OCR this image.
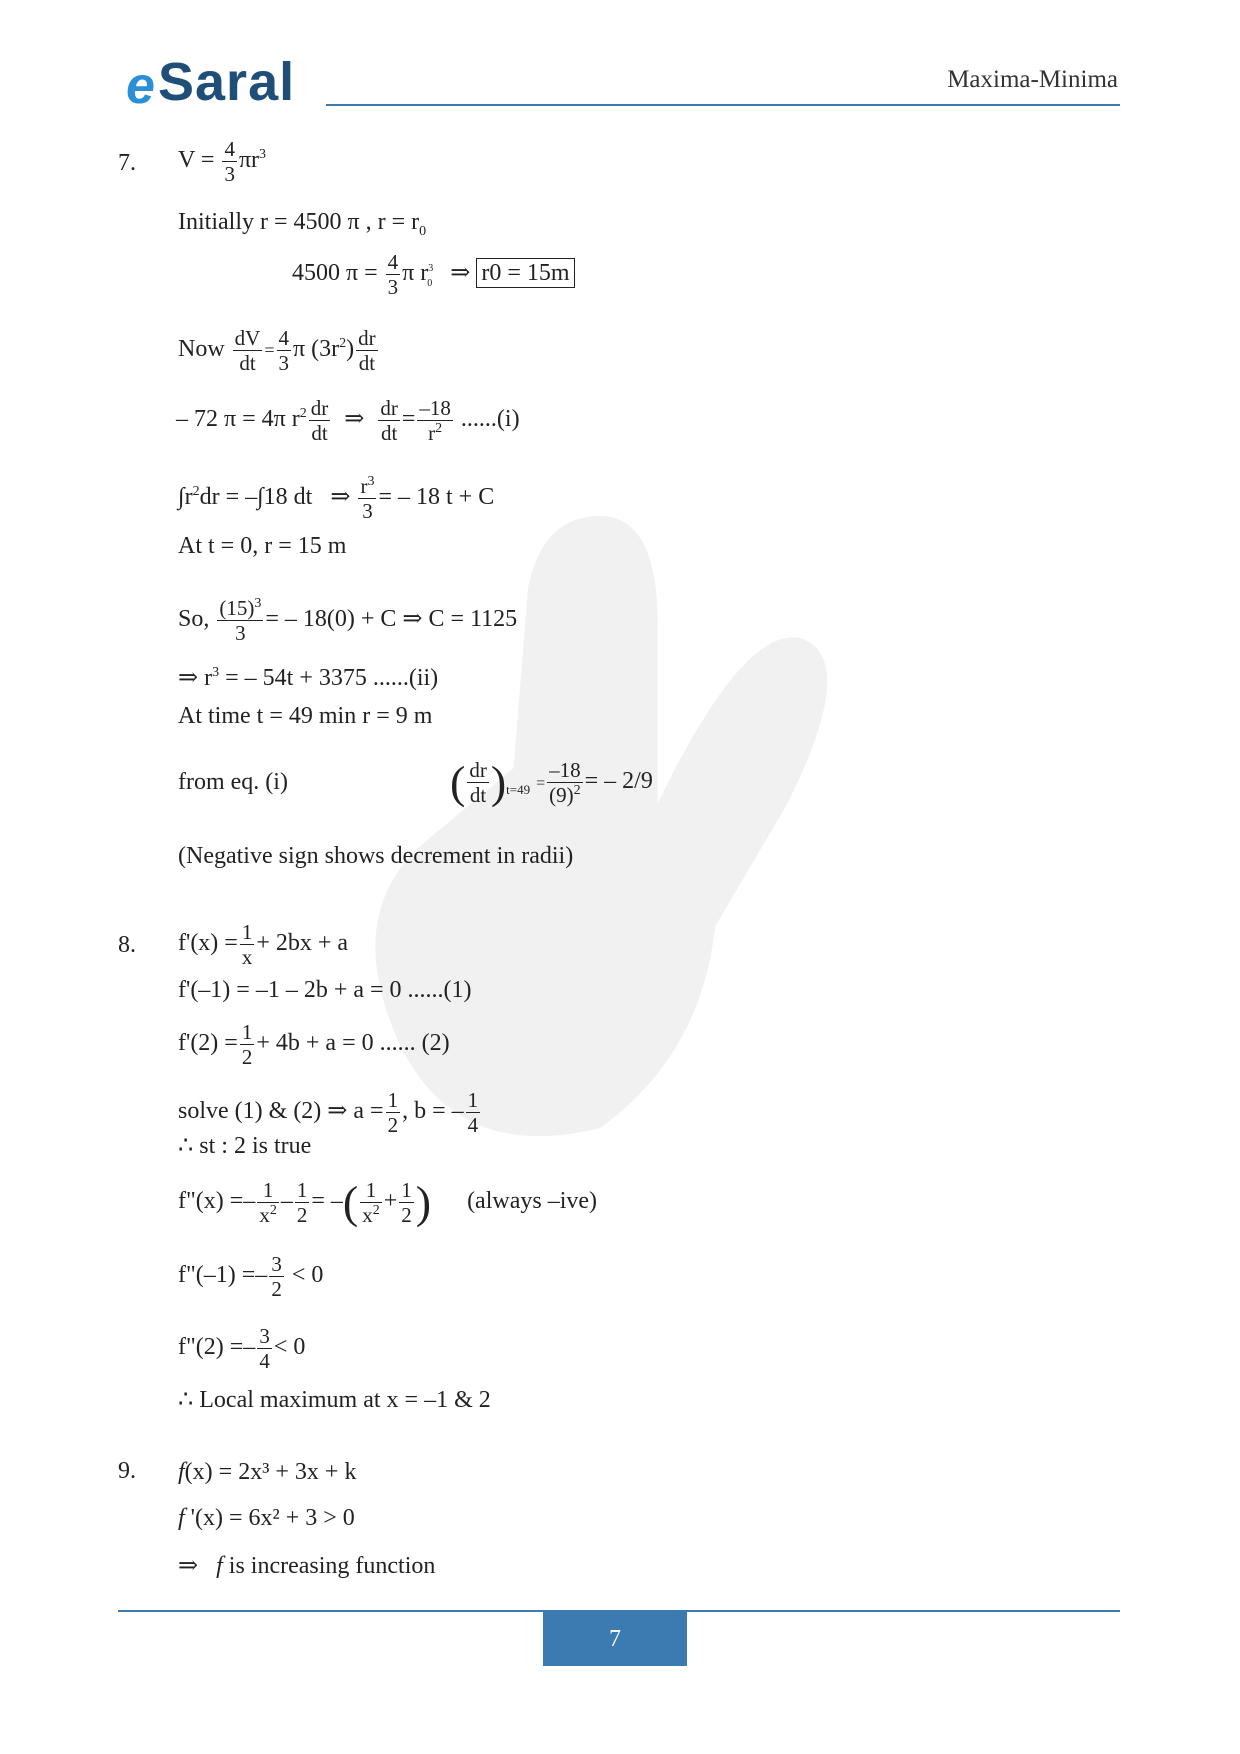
e Saral	Maxima-Minima
7. $V = \frac{4}{3} \pi r^3$
Initially r = 4500 π , $r = r_0$
4500 $\pi = \frac{4}{3}$ π $r^3_0$ ⇒ r0 = 15m
Now $\frac{dV}{dt} = \frac{4}{3}$ π $(3r^2) \frac{dr}{dt}$
– 72 π = 4π $r^2 \frac{dr}{dt}$ ⇒ $\frac{dr}{dt} = \frac{-18}{r^2} ......(i)$
$\int r^2dr = -\int 18$ dt ⇒ $\frac{r^3}{3}$ = – 18 t + C
At t = 0, r = 15 m
So, $\frac{(15)^3}{3}$ = – 18(0) + C ⇒ C = 1125
⇒ $r^3$ = – 54t + 3375 ......(ii)
At time t = 49 min r = 9 m
from eq. (i)	( $\frac{dr}{dt} )_{t=49} = \frac{-18}{(9)^2}$ = – 2/9
(Negative sign shows decrement in radii)
8. $f'(x) = \frac{1}{x} + 2bx + a$
f'(–1) = –1 – 2b + a = 0 ......(1)
$f'(2) = \frac{1}{2} + 4b + a = 0$ ...... (2)
solve (1) & (2) ⇒ $a = \frac{1}{2}$ , b = – $\frac{1}{4}$
∴ st : 2 is true
f"(x) =– $\frac{1}{x^2} - \frac{1}{2}$ = –( $\frac{1}{x^2} + \frac{1}{2}$ ) (always –ive)
f"(–1) =– $\frac{3}{2} < 0$
f"(2) =– $\frac{3}{4} < 0$
∴ Local maximum at x = –1 & 2
9. f(x) = 2x³ + 3x + k
f '(x) = 6x² + 3 > 0
⇒ f is increasing function
7
